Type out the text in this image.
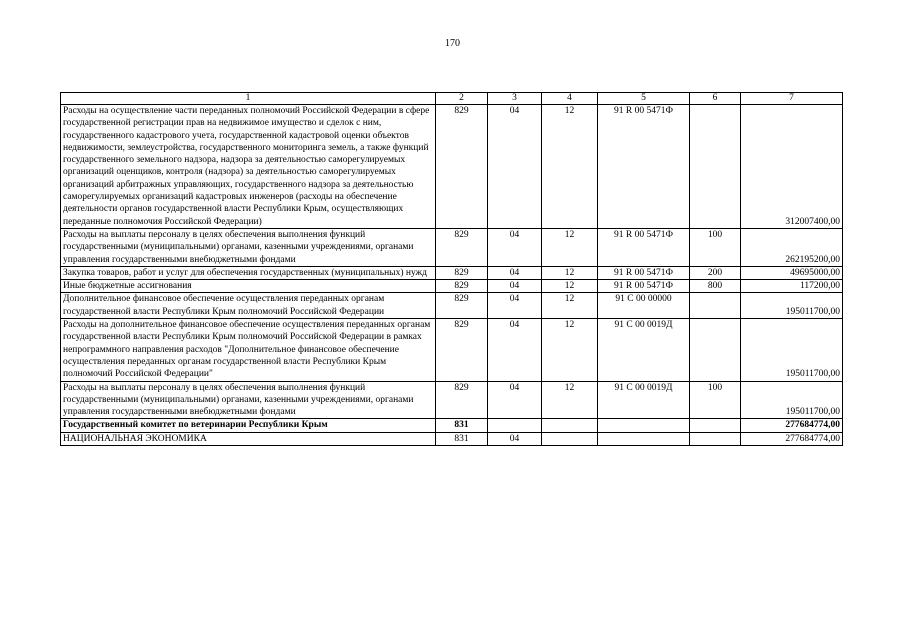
170
1	2	3	4	5	6	7
Расходы на осуществление части переданных полномочий Российской Федерации в сфере государственной регистрации прав на недвижимое имущество и сделок с ним, государственного кадастрового учета, государственной кадастровой оценки объектов недвижимости, землеустройства, государственного мониторинга земель, а также функций государственного земельного надзора, надзора за деятельностью саморегулируемых организаций оценщиков, контроля (надзора) за деятельностью саморегулируемых организаций арбитражных управляющих, государственного надзора за деятельностью саморегулируемых организаций кадастровых инженеров (расходы на обеспечение деятельности органов государственной власти Республики Крым, осуществляющих переданные полномочия Российской Федерации)	829	04	12	91 R 00 5471Ф		312007400,00
Расходы на выплаты персоналу в целях обеспечения выполнения функций государственными (муниципальными) органами, казенными учреждениями, органами управления государственными внебюджетными фондами	829	04	12	91 R 00 5471Ф	100	262195200,00
Закупка товаров, работ и услуг для обеспечения государственных (муниципальных) нужд	829	04	12	91 R 00 5471Ф	200	49695000,00
Иные бюджетные ассигнования	829	04	12	91 R 00 5471Ф	800	117200,00
Дополнительное финансовое обеспечение осуществления переданных органам государственной власти Республики Крым полномочий Российской Федерации	829	04	12	91 С 00 00000		195011700,00
Расходы на дополнительное финансовое обеспечение осуществления переданных органам государственной власти Республики Крым полномочий Российской Федерации в рамках непрограммного направления расходов "Дополнительное финансовое обеспечение осуществления переданных органам государственной власти Республики Крым полномочий Российской Федерации"	829	04	12	91 С 00 0019Д		195011700,00
Расходы на выплаты персоналу в целях обеспечения выполнения функций государственными (муниципальными) органами, казенными учреждениями, органами управления государственными внебюджетными фондами	829	04	12	91 С 00 0019Д	100	195011700,00
Государственный комитет по ветеринарии Республики Крым	831					277684774,00
НАЦИОНАЛЬНАЯ ЭКОНОМИКА	831	04				277684774,00
